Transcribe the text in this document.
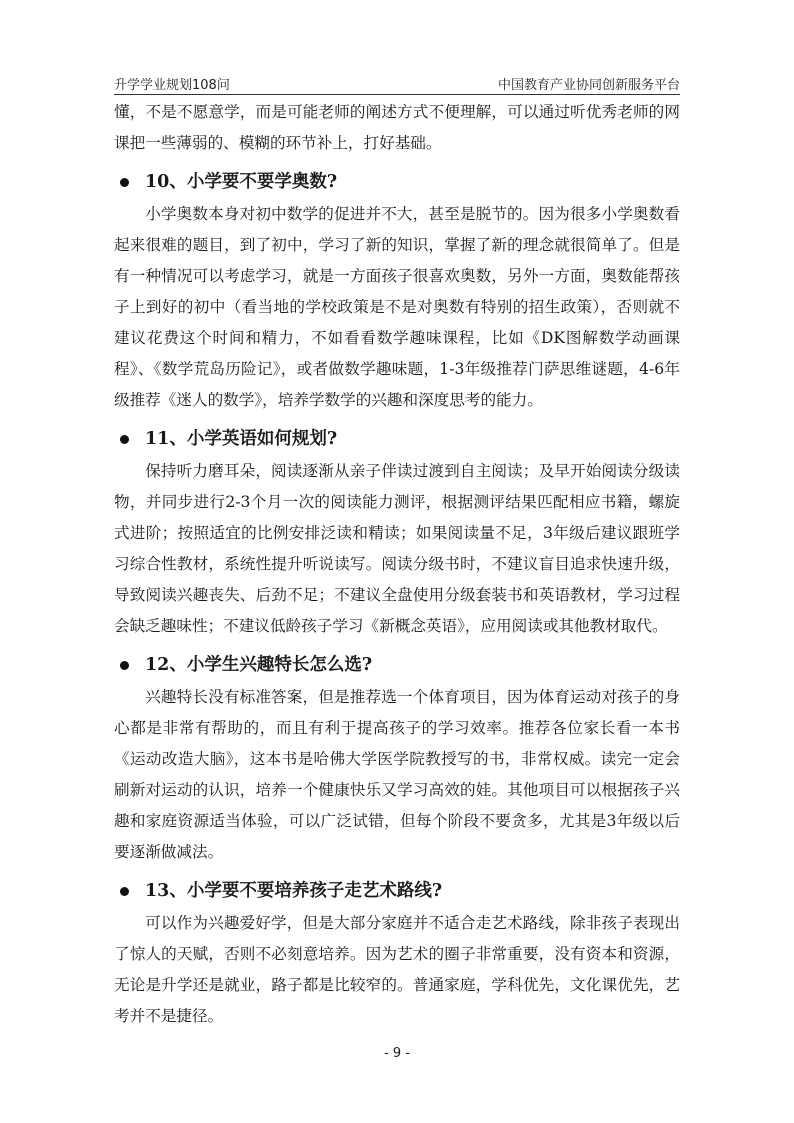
升学学业规划108问	中国教育产业协同创新服务平台

懂，不是不愿意学，而是可能老师的阐述方式不便理解，可以通过听优秀老师的网课把一些薄弱的、模糊的环节补上，打好基础。

10、小学要不要学奥数?

小学奥数本身对初中数学的促进并不大，甚至是脱节的。因为很多小学奥数看起来很难的题目，到了初中，学习了新的知识，掌握了新的理念就很简单了。但是有一种情况可以考虑学习，就是一方面孩子很喜欢奥数，另外一方面，奥数能帮孩子上到好的初中（看当地的学校政策是不是对奥数有特别的招生政策），否则就不建议花费这个时间和精力，不如看看数学趣味课程，比如《DK图解数学动画课程》、《数学荒岛历险记》，或者做数学趣味题，1-3年级推荐门萨思维谜题，4-6年级推荐《迷人的数学》，培养学数学的兴趣和深度思考的能力。

11、小学英语如何规划?

保持听力磨耳朵，阅读逐渐从亲子伴读过渡到自主阅读；及早开始阅读分级读物，并同步进行2-3个月一次的阅读能力测评，根据测评结果匹配相应书籍，螺旋式进阶；按照适宜的比例安排泛读和精读；如果阅读量不足，3年级后建议跟班学习综合性教材，系统性提升听说读写。阅读分级书时，不建议盲目追求快速升级，导致阅读兴趣丧失、后劲不足；不建议全盘使用分级套装书和英语教材，学习过程会缺乏趣味性；不建议低龄孩子学习《新概念英语》，应用阅读或其他教材取代。

12、小学生兴趣特长怎么选?

兴趣特长没有标准答案，但是推荐选一个体育项目，因为体育运动对孩子的身心都是非常有帮助的，而且有利于提高孩子的学习效率。推荐各位家长看一本书《运动改造大脑》，这本书是哈佛大学医学院教授写的书，非常权威。读完一定会刷新对运动的认识，培养一个健康快乐又学习高效的娃。其他项目可以根据孩子兴趣和家庭资源适当体验，可以广泛试错，但每个阶段不要贪多，尤其是3年级以后要逐渐做减法。

13、小学要不要培养孩子走艺术路线?

可以作为兴趣爱好学，但是大部分家庭并不适合走艺术路线，除非孩子表现出了惊人的天赋，否则不必刻意培养。因为艺术的圈子非常重要，没有资本和资源，无论是升学还是就业，路子都是比较窄的。普通家庭，学科优先，文化课优先，艺考并不是捷径。

- 9 -
